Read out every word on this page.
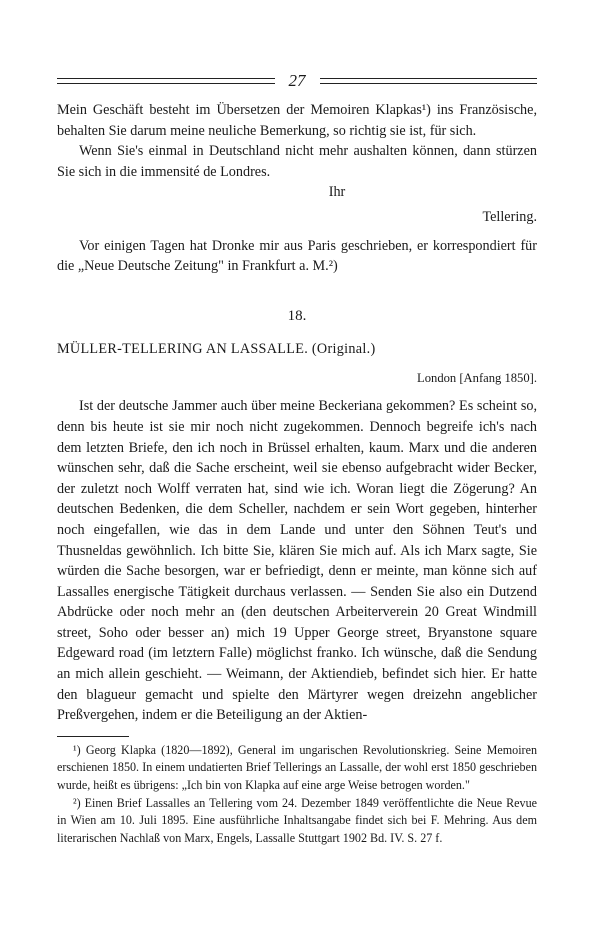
27

Mein Geschäft besteht im Übersetzen der Memoiren Klapkas¹) ins Französische, behalten Sie darum meine neuliche Bemerkung, so richtig sie ist, für sich.

Wenn Sie's einmal in Deutschland nicht mehr aushalten können, dann stürzen Sie sich in die immensité de Londres.

Ihr

Tellering.

Vor einigen Tagen hat Dronke mir aus Paris geschrieben, er korrespondiert für die „Neue Deutsche Zeitung" in Frankfurt a. M.²)

18.
MÜLLER-TELLERING AN LASSALLE. (Original.)
London [Anfang 1850].

Ist der deutsche Jammer auch über meine Beckeriana gekommen? Es scheint so, denn bis heute ist sie mir noch nicht zugekommen. Dennoch begreife ich's nach dem letzten Briefe, den ich noch in Brüssel erhalten, kaum. Marx und die anderen wünschen sehr, daß die Sache erscheint, weil sie ebenso aufgebracht wider Becker, der zuletzt noch Wolff verraten hat, sind wie ich. Woran liegt die Zögerung? An deutschen Bedenken, die dem Scheller, nachdem er sein Wort gegeben, hinterher noch eingefallen, wie das in dem Lande und unter den Söhnen Teut's und Thusneldas gewöhnlich. Ich bitte Sie, klären Sie mich auf. Als ich Marx sagte, Sie würden die Sache besorgen, war er befriedigt, denn er meinte, man könne sich auf Lassalles energische Tätigkeit durchaus verlassen. — Senden Sie also ein Dutzend Abdrücke oder noch mehr an (den deutschen Arbeiterverein 20 Great Windmill street, Soho oder besser an) mich 19 Upper George street, Bryanstone square Edgeward road (im letztern Falle) möglichst franko. Ich wünsche, daß die Sendung an mich allein geschieht. — Weimann, der Aktiendieb, befindet sich hier. Er hatte den blagueur gemacht und spielte den Märtyrer wegen dreizehn angeblicher Preßvergehen, indem er die Beteiligung an der Aktien-

¹) Georg Klapka (1820—1892), General im ungarischen Revolutionskrieg. Seine Memoiren erschienen 1850. In einem undatierten Brief Tellerings an Lassalle, der wohl erst 1850 geschrieben wurde, heißt es übrigens: „Ich bin von Klapka auf eine arge Weise betrogen worden."

²) Einen Brief Lassalles an Tellering vom 24. Dezember 1849 veröffentlichte die Neue Revue in Wien am 10. Juli 1895. Eine ausführliche Inhaltsangabe findet sich bei F. Mehring. Aus dem literarischen Nachlaß von Marx, Engels, Lassalle Stuttgart 1902 Bd. IV. S. 27 f.
